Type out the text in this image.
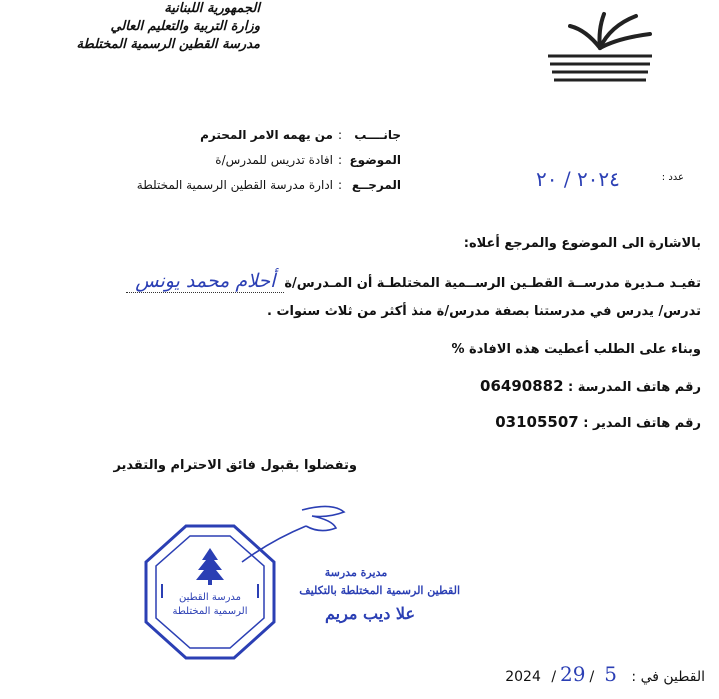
الجمهورية اللبنانية
وزارة التربية والتعليم العالي
مدرسة القطين الرسمية المختلطة
عدد :
٢٠٢٤ / ٢٠
جانــــب:من يهمه الامر المحترم
الموضوع:افادة تدريس للمدرس/ة
المرجــع:ادارة مدرسة القطين الرسمية المختلطة
بالاشارة الى الموضوع والمرجع أعلاه:
تفيـد مـديرة مدرســة القطـين الرســمية المختلطـة أن المـدرس/ةأحلام محمد يونس
تدرس/ يدرس في مدرستنا بصفة مدرس/ة منذ أكثر من ثلاث سنوات .
وبناء على الطلب أعطيت هذه الافادة %
رقم هاتف المدرسة : 06490882
رقم هاتف المدير : 03105507
وتفضلوا بقبول فائق الاحترام والتقدير
مدرسة القطين
الرسمية المختلطة
مديرة مدرسة
القطين الرسمية المختلطة بالتكليف
علا ديب مريم
القطين في : 29 / 5/ 2024
